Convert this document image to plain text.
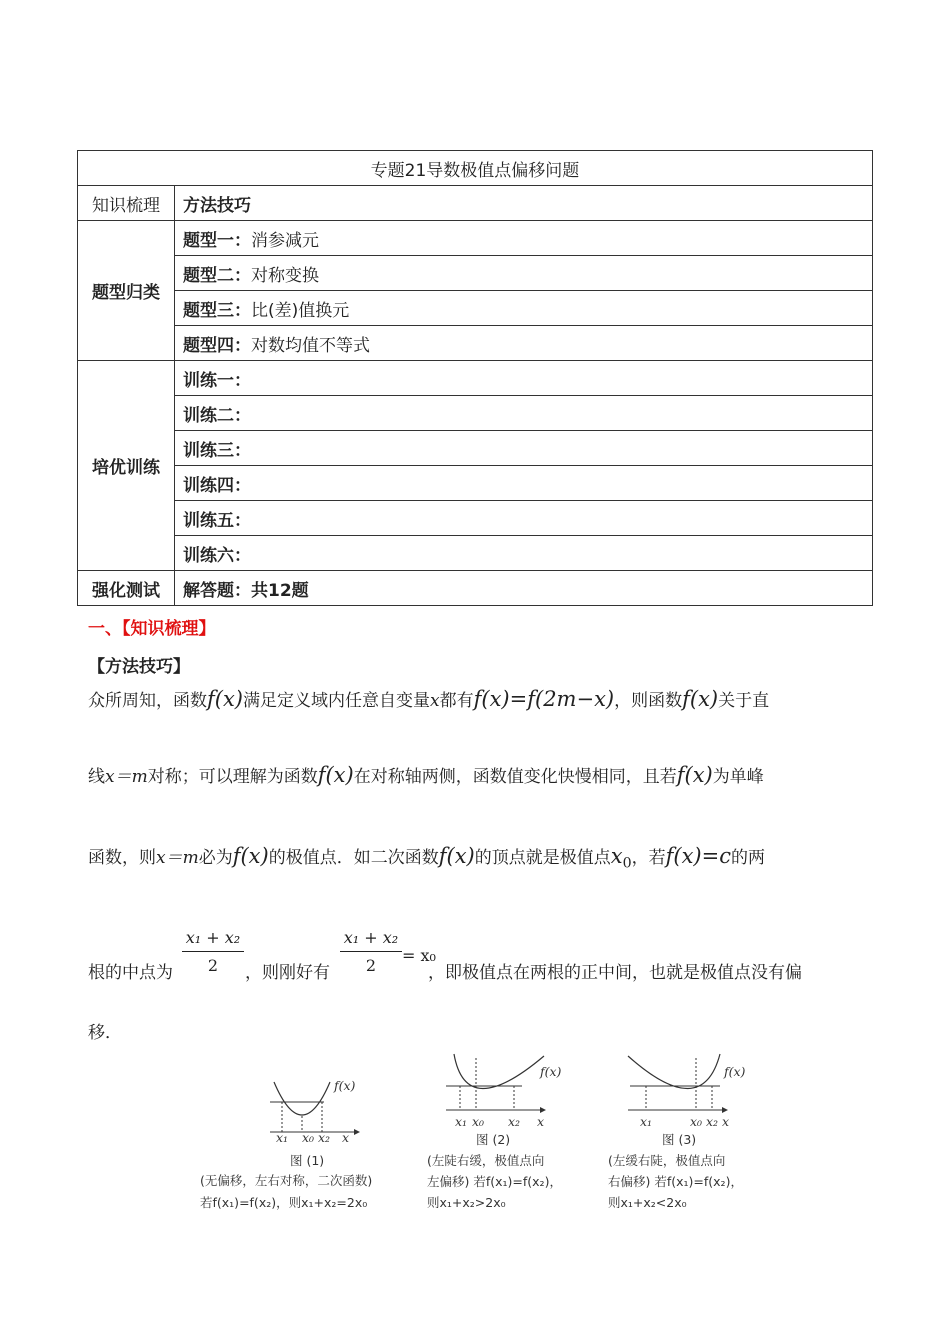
专题21导数极值点偏移问题	
知识梳理	方法技巧
题型归类	题型一：消参减元
	题型二：对称变换
	题型三：比(差)值换元
	题型四：对数均值不等式
培优训练	训练一：
	训练二：
	训练三：
	训练四：
	训练五：
	训练六：
强化测试	解答题：共12题
一、【知识梳理】
【方法技巧】
众所周知，函数f(x)满足定义域内任意自变量x都有f(x)=f(2m−x)，则函数f(x)关于直
线x＝m对称；可以理解为函数f(x)在对称轴两侧，函数值变化快慢相同，且若f(x)为单峰
函数，则x＝m必为f(x)的极值点．如二次函数f(x)的顶点就是极值点$x_0$，若f(x)=c的两
根的中点为	，则刚好有	，即极值点在两根的正中间，也就是极值点没有偏
$\frac{\text{x₁ + x₂}}{2}$	$\frac{\text{x₁ + x₂}}{2} = x_0$
移．
f(x)
x₁ x₀ x₂ x
图 (1)
(无偏移，左右对称，二次函数)
若f(x₁)=f(x₂)，则x₁+x₂=2x₀
f(x)
x₁ x₀ x₂ x
图 (2)
(左陡右缓，极值点向
左偏移) 若f(x₁)=f(x₂)，
则x₁+x₂>2x₀
f(x)
x₁	x₀ x₂ x
图 (3)
(左缓右陡，极值点向
右偏移) 若f(x₁)=f(x₂)，
则x₁+x₂<2x₀
